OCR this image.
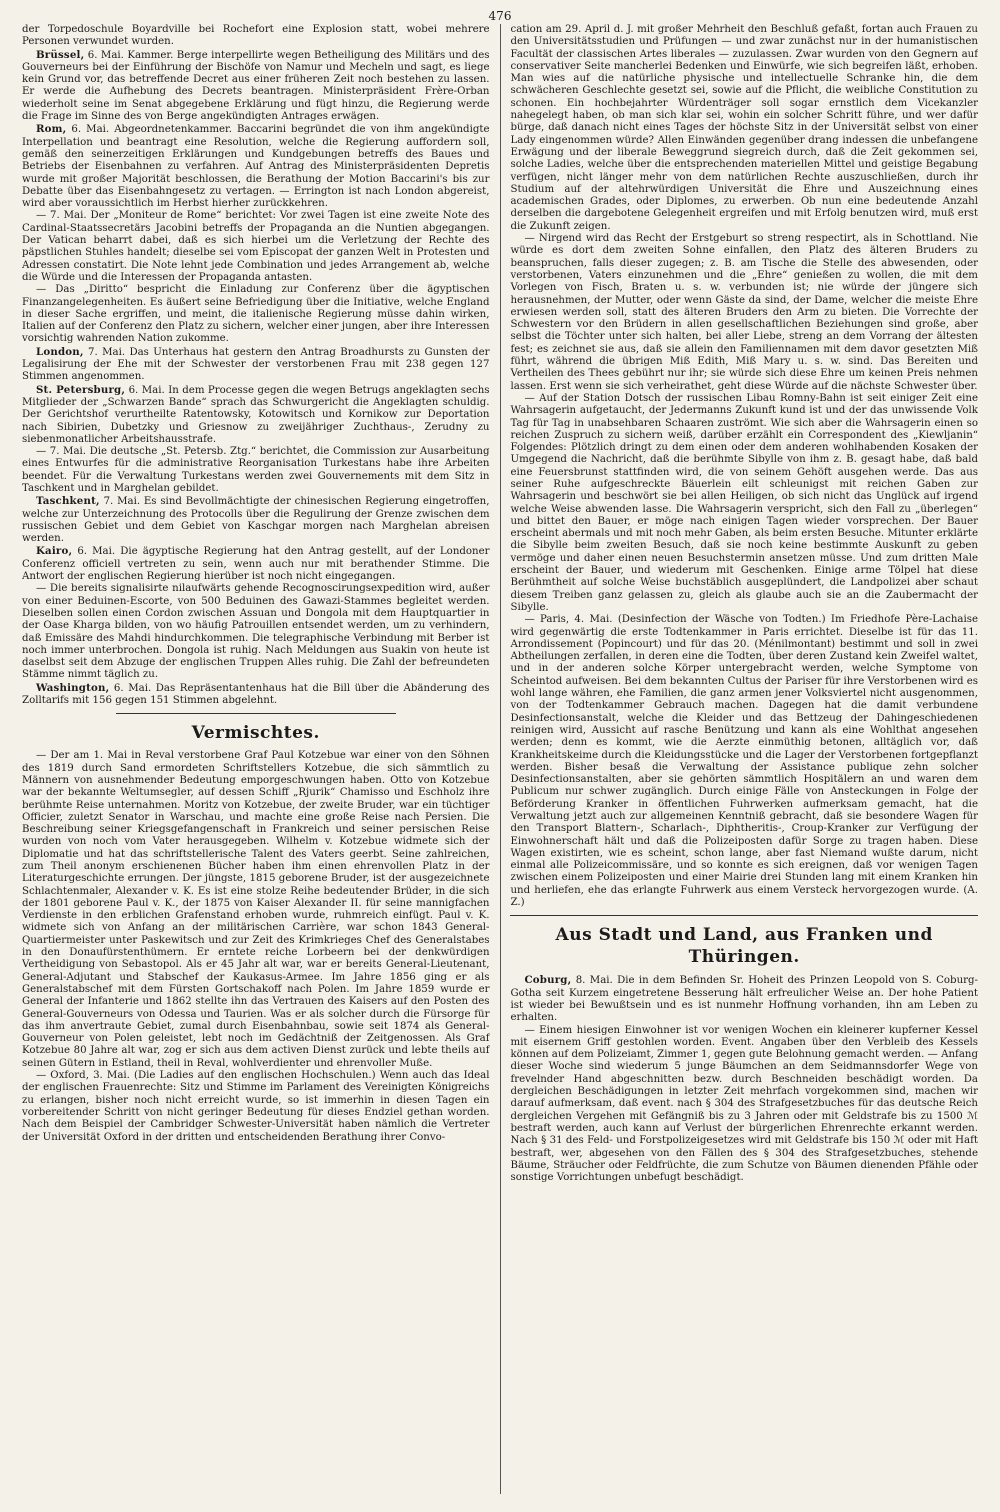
476

der Torpedoschule Boyardville bei Rochefort eine Explosion statt, wobei mehrere Personen verwundet wurden.

Brüssel, 6. Mai. Kammer. Berge interpellirte wegen Betheiligung des Militärs und des Gouverneurs bei der Einführung der Bischöfe von Namur und Mecheln und sagt, es liege kein Grund vor, das betreffende Decret aus einer früheren Zeit noch bestehen zu lassen. Er werde die Aufhebung des Decrets beantragen. Ministerpräsident Frère-Orban wiederholt seine im Senat abgegebene Erklärung und fügt hinzu, die Regierung werde die Frage im Sinne des von Berge angekündigten Antrages erwägen.

Rom, 6. Mai. Abgeordnetenkammer. Baccarini begründet die von ihm angekündigte Interpellation und beantragt eine Resolution, welche die Regierung auffordern soll, gemäß den seinerzeitigen Erklärungen und Kundgebungen betreffs des Baues und Betriebs der Eisenbahnen zu verfahren. Auf Antrag des Ministerpräsidenten Depretis wurde mit großer Majorität beschlossen, die Berathung der Motion Baccarini's bis zur Debatte über das Eisenbahngesetz zu vertagen. — Errington ist nach London abgereist, wird aber voraussichtlich im Herbst hierher zurückkehren.

— 7. Mai. Der „Moniteur de Rome“ berichtet: Vor zwei Tagen ist eine zweite Note des Cardinal-Staatssecretärs Jacobini betreffs der Propaganda an die Nuntien abgegangen. Der Vatican beharrt dabei, daß es sich hierbei um die Verletzung der Rechte des päpstlichen Stuhles handelt; dieselbe sei vom Episcopat der ganzen Welt in Protesten und Adressen constatirt. Die Note lehnt jede Combination und jedes Arrangement ab, welche die Würde und die Interessen der Propaganda antasten.

— Das „Diritto“ bespricht die Einladung zur Conferenz über die ägyptischen Finanzangelegenheiten. Es äußert seine Befriedigung über die Initiative, welche England in dieser Sache ergriffen, und meint, die italienische Regierung müsse dahin wirken, Italien auf der Conferenz den Platz zu sichern, welcher einer jungen, aber ihre Interessen vorsichtig wahrenden Nation zukomme.

London, 7. Mai. Das Unterhaus hat gestern den Antrag Broadhursts zu Gunsten der Legalisirung der Ehe mit der Schwester der verstorbenen Frau mit 238 gegen 127 Stimmen angenommen.

St. Petersburg, 6. Mai. In dem Processe gegen die wegen Betrugs angeklagten sechs Mitglieder der „Schwarzen Bande“ sprach das Schwurgericht die Angeklagten schuldig. Der Gerichtshof verurtheilte Ratentowsky, Kotowitsch und Kornikow zur Deportation nach Sibirien, Dubetzky und Griesnow zu zweijähriger Zuchthaus-, Zerudny zu siebenmonatlicher Arbeitshausstrafe.

— 7. Mai. Die deutsche „St. Petersb. Ztg.“ berichtet, die Commission zur Ausarbeitung eines Entwurfes für die administrative Reorganisation Turkestans habe ihre Arbeiten beendet. Für die Verwaltung Turkestans werden zwei Gouvernements mit dem Sitz in Taschkent und in Marghelan gebildet.

Taschkent, 7. Mai. Es sind Bevollmächtigte der chinesischen Regierung eingetroffen, welche zur Unterzeichnung des Protocolls über die Regulirung der Grenze zwischen dem russischen Gebiet und dem Gebiet von Kaschgar morgen nach Marghelan abreisen werden.

Kairo, 6. Mai. Die ägyptische Regierung hat den Antrag gestellt, auf der Londoner Conferenz officiell vertreten zu sein, wenn auch nur mit berathender Stimme. Die Antwort der englischen Regierung hierüber ist noch nicht eingegangen.

— Die bereits signalisirte nilaufwärts gehende Recognoscirungsexpedition wird, außer von einer Beduinen-Escorte, von 500 Beduinen des Gawazi-Stammes begleitet werden. Dieselben sollen einen Cordon zwischen Assuan und Dongola mit dem Hauptquartier in der Oase Kharga bilden, von wo häufig Patrouillen entsendet werden, um zu verhindern, daß Emissäre des Mahdi hindurchkommen. Die telegraphische Verbindung mit Berber ist noch immer unterbrochen. Dongola ist ruhig. Nach Meldungen aus Suakin von heute ist daselbst seit dem Abzuge der englischen Truppen Alles ruhig. Die Zahl der befreundeten Stämme nimmt täglich zu.

Washington, 6. Mai. Das Repräsentantenhaus hat die Bill über die Abänderung des Zolltarifs mit 156 gegen 151 Stimmen abgelehnt.

Vermischtes.

— Der am 1. Mai in Reval verstorbene Graf Paul Kotzebue war einer von den Söhnen des 1819 durch Sand ermordeten Schriftstellers Kotzebue, die sich sämmtlich zu Männern von ausnehmender Bedeutung emporgeschwungen haben. Otto von Kotzebue war der bekannte Weltumsegler, auf dessen Schiff „Rjurik“ Chamisso und Eschholz ihre berühmte Reise unternahmen. Moritz von Kotzebue, der zweite Bruder, war ein tüchtiger Officier, zuletzt Senator in Warschau, und machte eine große Reise nach Persien. Die Beschreibung seiner Kriegsgefangenschaft in Frankreich und seiner persischen Reise wurden von noch vom Vater herausgegeben. Wilhelm v. Kotzebue widmete sich der Diplomatie und hat das schriftstellerische Talent des Vaters geerbt. Seine zahlreichen, zum Theil anonym erschienenen Bücher haben ihm einen ehrenvollen Platz in der Literaturgeschichte errungen. Der jüngste, 1815 geborene Bruder, ist der ausgezeichnete Schlachtenmaler, Alexander v. K. Es ist eine stolze Reihe bedeutender Brüder, in die sich der 1801 geborene Paul v. K., der 1875 von Kaiser Alexander II. für seine mannigfachen Verdienste in den erblichen Grafenstand erhoben wurde, ruhmreich einfügt. Paul v. K. widmete sich von Anfang an der militärischen Carrière, war schon 1843 General-Quartiermeister unter Paskewitsch und zur Zeit des Krimkrieges Chef des Generalstabes in den Donaufürstenthümern. Er erntete reiche Lorbeern bei der denkwürdigen Vertheidigung von Sebastopol. Als er 45 Jahr alt war, war er bereits General-Lieutenant, General-Adjutant und Stabschef der Kaukasus-Armee. Im Jahre 1856 ging er als Generalstabschef mit dem Fürsten Gortschakoff nach Polen. Im Jahre 1859 wurde er General der Infanterie und 1862 stellte ihn das Vertrauen des Kaisers auf den Posten des General-Gouverneurs von Odessa und Taurien. Was er als solcher durch die Fürsorge für das ihm anvertraute Gebiet, zumal durch Eisenbahnbau, sowie seit 1874 als General-Gouverneur von Polen geleistet, lebt noch im Gedächtniß der Zeitgenossen. Als Graf Kotzebue 80 Jahre alt war, zog er sich aus dem activen Dienst zurück und lebte theils auf seinen Gütern in Estland, theil in Reval, wohlverdienter und ehrenvoller Muße.

— Oxford, 3. Mai. (Die Ladies auf den englischen Hochschulen.) Wenn auch das Ideal der englischen Frauenrechte: Sitz und Stimme im Parlament des Vereinigten Königreichs zu erlangen, bisher noch nicht erreicht wurde, so ist immerhin in diesen Tagen ein vorbereitender Schritt von nicht geringer Bedeutung für dieses Endziel gethan worden. Nach dem Beispiel der Cambridger Schwester-Universität haben nämlich die Vertreter der Universität Oxford in der dritten und entscheidenden Berathung ihrer Convo-

cation am 29. April d. J. mit großer Mehrheit den Beschluß gefaßt, fortan auch Frauen zu den Universitätsstudien und Prüfungen — und zwar zunächst nur in der humanistischen Facultät der classischen Artes liberales — zuzulassen. Zwar wurden von den Gegnern auf conservativer Seite mancherlei Bedenken und Einwürfe, wie sich begreifen läßt, erhoben. Man wies auf die natürliche physische und intellectuelle Schranke hin, die dem schwächeren Geschlechte gesetzt sei, sowie auf die Pflicht, die weibliche Constitution zu schonen. Ein hochbejahrter Würdenträger soll sogar ernstlich dem Vicekanzler nahegelegt haben, ob man sich klar sei, wohin ein solcher Schritt führe, und wer dafür bürge, daß danach nicht eines Tages der höchste Sitz in der Universität selbst von einer Lady eingenommen würde? Allen Einwänden gegenüber drang indessen die unbefangene Erwägung und der liberale Beweggrund siegreich durch, daß die Zeit gekommen sei, solche Ladies, welche über die entsprechenden materiellen Mittel und geistige Begabung verfügen, nicht länger mehr von dem natürlichen Rechte auszuschließen, durch ihr Studium auf der altehrwürdigen Universität die Ehre und Auszeichnung eines academischen Grades, oder Diplomes, zu erwerben. Ob nun eine bedeutende Anzahl derselben die dargebotene Gelegenheit ergreifen und mit Erfolg benutzen wird, muß erst die Zukunft zeigen.

— Nirgend wird das Recht der Erstgeburt so streng respectirt, als in Schottland. Nie würde es dort dem zweiten Sohne einfallen, den Platz des älteren Bruders zu beanspruchen, falls dieser zugegen; z. B. am Tische die Stelle des abwesenden, oder verstorbenen, Vaters einzunehmen und die „Ehre“ genießen zu wollen, die mit dem Vorlegen von Fisch, Braten u. s. w. verbunden ist; nie würde der jüngere sich herausnehmen, der Mutter, oder wenn Gäste da sind, der Dame, welcher die meiste Ehre erwiesen werden soll, statt des älteren Bruders den Arm zu bieten. Die Vorrechte der Schwestern vor den Brüdern in allen gesellschaftlichen Beziehungen sind große, aber selbst die Töchter unter sich halten, bei aller Liebe, streng an dem Vorrang der ältesten fest; es zeichnet sie aus, daß sie allein den Familiennamen mit dem davor gesetzten Miß führt, während die übrigen Miß Edith, Miß Mary u. s. w. sind. Das Bereiten und Vertheilen des Thees gebührt nur ihr; sie würde sich diese Ehre um keinen Preis nehmen lassen. Erst wenn sie sich verheirathet, geht diese Würde auf die nächste Schwester über.

— Auf der Station Dotsch der russischen Libau Romny-Bahn ist seit einiger Zeit eine Wahrsagerin aufgetaucht, der Jedermanns Zukunft kund ist und der das unwissende Volk Tag für Tag in unabsehbaren Schaaren zuströmt. Wie sich aber die Wahrsagerin einen so reichen Zuspruch zu sichern weiß, darüber erzählt ein Correspondent des „Kiewljanin“ Folgendes: Plötzlich dringt zu dem einen oder dem anderen wohlhabenden Kosaken der Umgegend die Nachricht, daß die berühmte Sibylle von ihm z. B. gesagt habe, daß bald eine Feuersbrunst stattfinden wird, die von seinem Gehöft ausgehen werde. Das aus seiner Ruhe aufgeschreckte Bäuerlein eilt schleunigst mit reichen Gaben zur Wahrsagerin und beschwört sie bei allen Heiligen, ob sich nicht das Unglück auf irgend welche Weise abwenden lasse. Die Wahrsagerin verspricht, sich den Fall zu „überlegen“ und bittet den Bauer, er möge nach einigen Tagen wieder vorsprechen. Der Bauer erscheint abermals und mit noch mehr Gaben, als beim ersten Besuche. Mitunter erklärte die Sibylle beim zweiten Besuch, daß sie noch keine bestimmte Auskunft zu geben vermöge und daher einen neuen Besuchstermin ansetzen müsse. Und zum dritten Male erscheint der Bauer, und wiederum mit Geschenken. Einige arme Tölpel hat diese Berühmtheit auf solche Weise buchstäblich ausgeplündert, die Landpolizei aber schaut diesem Treiben ganz gelassen zu, gleich als glaube auch sie an die Zaubermacht der Sibylle.

— Paris, 4. Mai. (Desinfection der Wäsche von Todten.) Im Friedhofe Père-Lachaise wird gegenwärtig die erste Todtenkammer in Paris errichtet. Dieselbe ist für das 11. Arrondissement (Popincourt) und für das 20. (Ménilmontant) bestimmt und soll in zwei Abtheilungen zerfallen, in deren eine die Todten, über deren Zustand kein Zweifel waltet, und in der anderen solche Körper untergebracht werden, welche Symptome von Scheintod aufweisen. Bei dem bekannten Cultus der Pariser für ihre Verstorbenen wird es wohl lange währen, ehe Familien, die ganz armen jener Volksviertel nicht ausgenommen, von der Todtenkammer Gebrauch machen. Dagegen hat die damit verbundene Desinfectionsanstalt, welche die Kleider und das Bettzeug der Dahingeschiedenen reinigen wird, Aussicht auf rasche Benützung und kann als eine Wohlthat angesehen werden; denn es kommt, wie die Aerzte einmüthig betonen, alltäglich vor, daß Krankheitskeime durch die Kleidungsstücke und die Lager der Verstorbenen fortgepflanzt werden. Bisher besaß die Verwaltung der Assistance publique zehn solcher Desinfectionsanstalten, aber sie gehörten sämmtlich Hospitälern an und waren dem Publicum nur schwer zugänglich. Durch einige Fälle von Ansteckungen in Folge der Beförderung Kranker in öffentlichen Fuhrwerken aufmerksam gemacht, hat die Verwaltung jetzt auch zur allgemeinen Kenntniß gebracht, daß sie besondere Wagen für den Transport Blattern-, Scharlach-, Diphtheritis-, Croup-Kranker zur Verfügung der Einwohnerschaft hält und daß die Polizeiposten dafür Sorge zu tragen haben. Diese Wagen existirten, wie es scheint, schon lange, aber fast Niemand wußte darum, nicht einmal alle Polizeicommissäre, und so konnte es sich ereignen, daß vor wenigen Tagen zwischen einem Polizeiposten und einer Mairie drei Stunden lang mit einem Kranken hin und herliefen, ehe das erlangte Fuhrwerk aus einem Versteck hervorgezogen wurde. (A. Z.)

Aus Stadt und Land, aus Franken und Thüringen.

Coburg, 8. Mai. Die in dem Befinden Sr. Hoheit des Prinzen Leopold von S. Coburg-Gotha seit Kurzem eingetretene Besserung hält erfreulicher Weise an. Der hohe Patient ist wieder bei Bewußtsein und es ist nunmehr Hoffnung vorhanden, ihn am Leben zu erhalten.

— Einem hiesigen Einwohner ist vor wenigen Wochen ein kleinerer kupferner Kessel mit eisernem Griff gestohlen worden. Event. Angaben über den Verbleib des Kessels können auf dem Polizeiamt, Zimmer 1, gegen gute Belohnung gemacht werden. — Anfang dieser Woche sind wiederum 5 junge Bäumchen an dem Seidmannsdorfer Wege von frevelnder Hand abgeschnitten bezw. durch Beschneiden beschädigt worden. Da dergleichen Beschädigungen in letzter Zeit mehrfach vorgekommen sind, machen wir darauf aufmerksam, daß event. nach § 304 des Strafgesetzbuches für das deutsche Reich dergleichen Vergehen mit Gefängniß bis zu 3 Jahren oder mit Geldstrafe bis zu 1500 ℳ bestraft werden, auch kann auf Verlust der bürgerlichen Ehrenrechte erkannt werden. Nach § 31 des Feld- und Forstpolizeigesetzes wird mit Geldstrafe bis 150 ℳ oder mit Haft bestraft, wer, abgesehen von den Fällen des § 304 des Strafgesetzbuches, stehende Bäume, Sträucher oder Feldfrüchte, die zum Schutze von Bäumen dienenden Pfähle oder sonstige Vorrichtungen unbefugt beschädigt.
